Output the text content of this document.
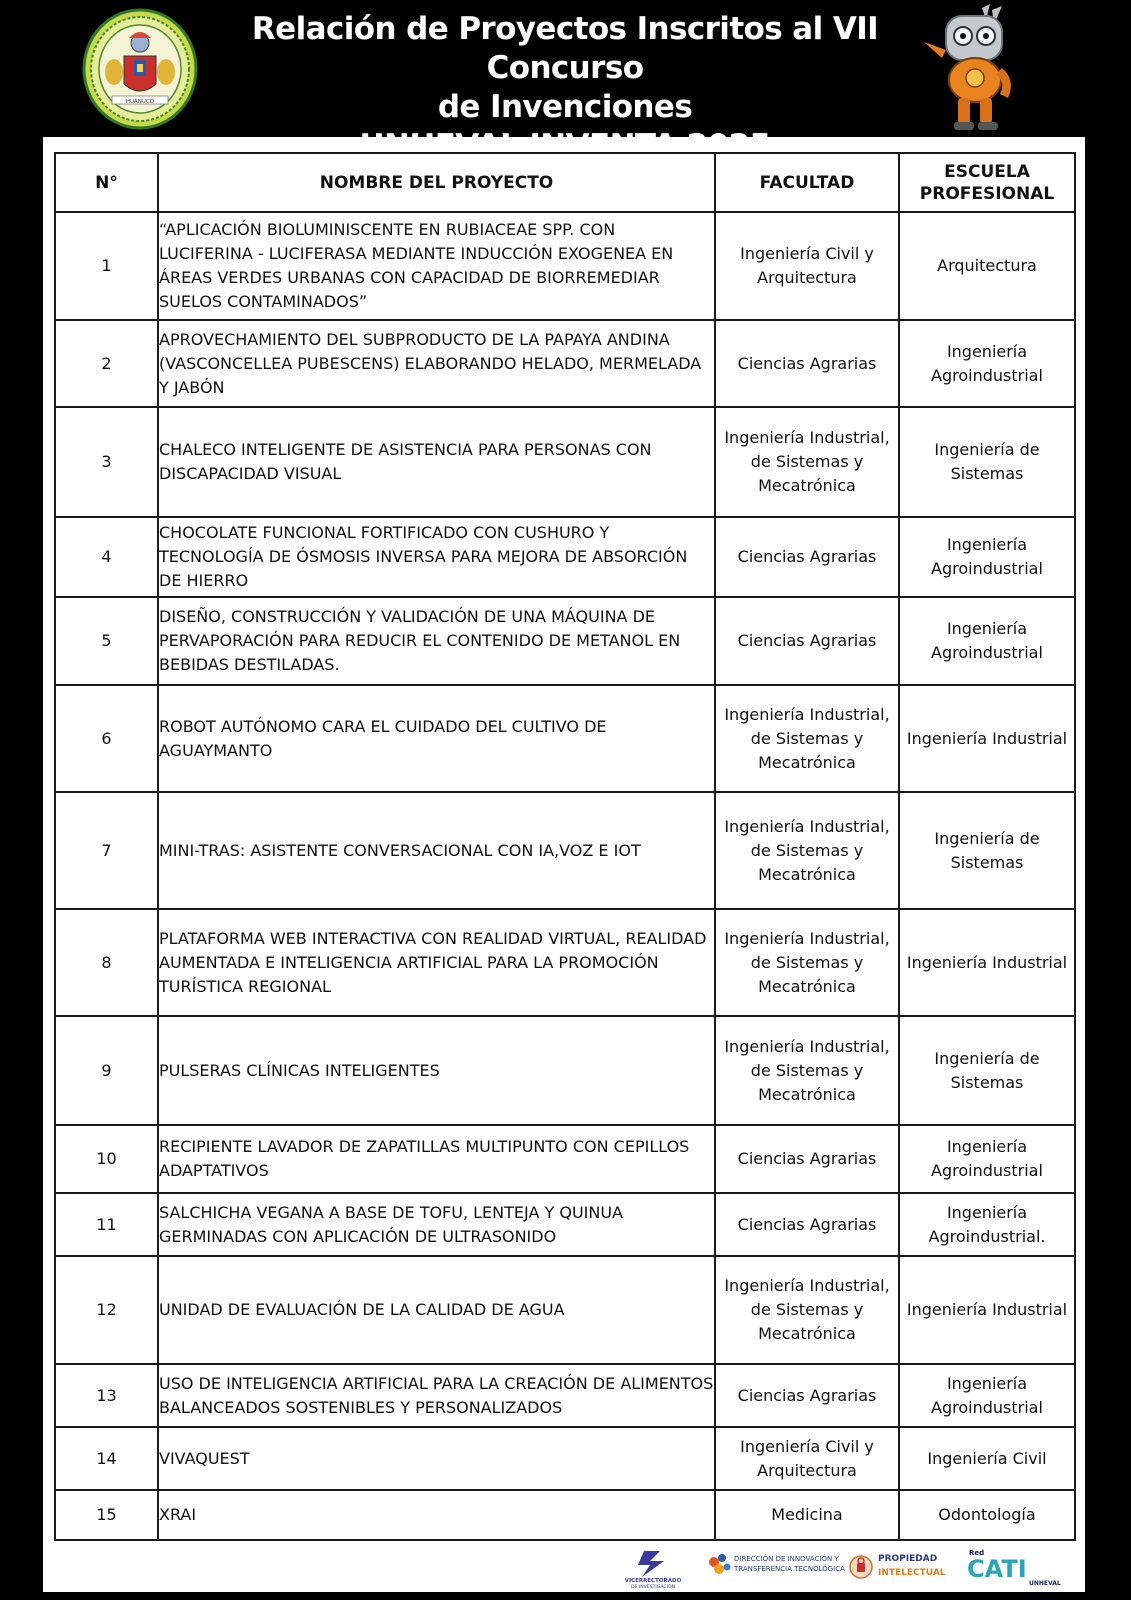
HUÁNUCO
Relación de Proyectos Inscritos al VII Concurso
de Invenciones
N°	NOMBRE DEL PROYECTO	FACULTAD	ESCUELA
PROFESIONAL

1	“APLICACIÓN BIOLUMINISCENTE EN RUBIACEAE SPP. CON LUCIFERINA - LUCIFERASA MEDIANTE INDUCCIÓN EXOGENEA EN ÁREAS VERDES URBANAS CON CAPACIDAD DE BIORREMEDIAR SUELOS CONTAMINADOS”	Ingeniería Civil y Arquitectura	Arquitectura
2	APROVECHAMIENTO DEL SUBPRODUCTO DE LA PAPAYA ANDINA (VASCONCELLEA PUBESCENS) ELABORANDO HELADO, MERMELADA Y JABÓN	Ciencias Agrarias	Ingeniería Agroindustrial
3	CHALECO INTELIGENTE DE ASISTENCIA PARA PERSONAS CON DISCAPACIDAD VISUAL	Ingeniería Industrial, de Sistemas y Mecatrónica	Ingeniería de Sistemas
4	CHOCOLATE FUNCIONAL FORTIFICADO CON CUSHURO Y TECNOLOGÍA DE ÓSMOSIS INVERSA PARA MEJORA DE ABSORCIÓN DE HIERRO	Ciencias Agrarias	Ingeniería Agroindustrial
5	DISEÑO, CONSTRUCCIÓN Y VALIDACIÓN DE UNA MÁQUINA DE PERVAPORACIÓN PARA REDUCIR EL CONTENIDO DE METANOL EN BEBIDAS DESTILADAS.	Ciencias Agrarias	Ingeniería Agroindustrial
6	ROBOT AUTÓNOMO CARA EL CUIDADO DEL CULTIVO DE AGUAYMANTO	Ingeniería Industrial, de Sistemas y Mecatrónica	Ingeniería Industrial
7	MINI-TRAS: ASISTENTE CONVERSACIONAL CON IA,VOZ E IOT	Ingeniería Industrial, de Sistemas y Mecatrónica	Ingeniería de Sistemas
8	PLATAFORMA WEB INTERACTIVA CON REALIDAD VIRTUAL, REALIDAD AUMENTADA E INTELIGENCIA ARTIFICIAL PARA LA PROMOCIÓN TURÍSTICA REGIONAL	Ingeniería Industrial, de Sistemas y Mecatrónica	Ingeniería Industrial
9	PULSERAS CLÍNICAS INTELIGENTES	Ingeniería Industrial, de Sistemas y Mecatrónica	Ingeniería de Sistemas
10	RECIPIENTE LAVADOR DE ZAPATILLAS MULTIPUNTO CON CEPILLOS ADAPTATIVOS	Ciencias Agrarias	Ingeniería Agroindustrial
11	SALCHICHA VEGANA A BASE DE TOFU, LENTEJA Y QUINUA GERMINADAS CON APLICACIÓN DE ULTRASONIDO	Ciencias Agrarias	Ingeniería Agroindustrial.
12	UNIDAD DE EVALUACIÓN DE LA CALIDAD DE AGUA	Ingeniería Industrial, de Sistemas y Mecatrónica	Ingeniería Industrial
13	USO DE INTELIGENCIA ARTIFICIAL PARA LA CREACIÓN DE ALIMENTOS BALANCEADOS SOSTENIBLES Y PERSONALIZADOS	Ciencias Agrarias	Ingeniería Agroindustrial
14	VIVAQUEST	Ingeniería Civil y Arquitectura	Ingeniería Civil
15	XRAI	Medicina	Odontología
VICERRECTORADO
DE INVESTIGACIÓN
DIRECCIÓN DE INNOVACIÓN Y
TRANSFERENCIA TECNOLÓGICA
PROPIEDAD
INTELECTUAL
Red
CATI
UNHEVAL
